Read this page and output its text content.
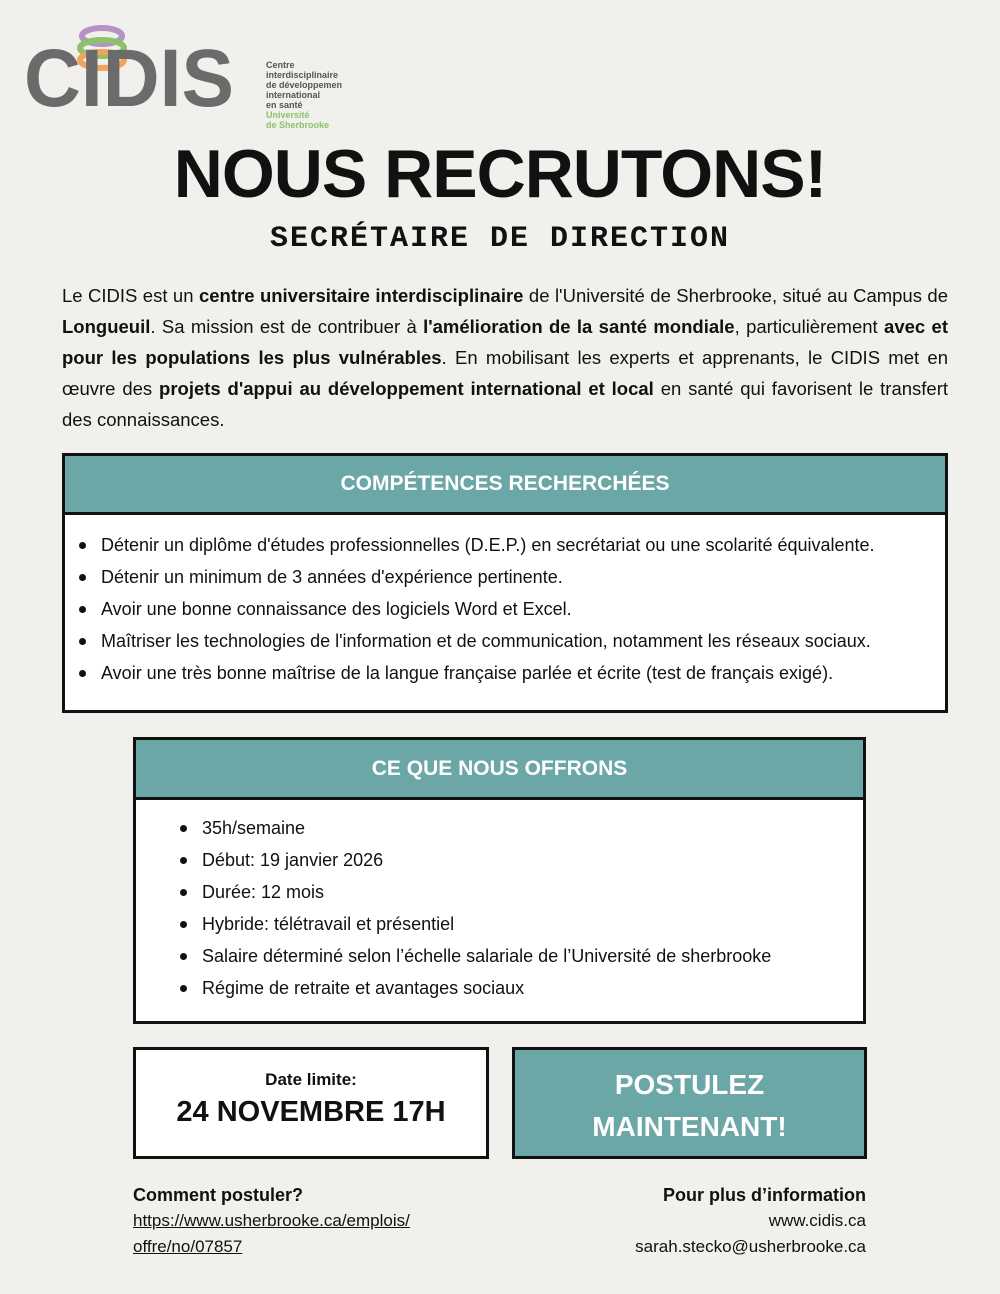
CIDIS	Centre
interdisciplinaire
de développemen
international
en santé
Université
de Sherbrooke
NOUS RECRUTONS!
SECRÉTAIRE DE DIRECTION

Le CIDIS est un centre universitaire interdisciplinaire de l'Université de Sherbrooke, situé au Campus de Longueuil. Sa mission est de contribuer à l'amélioration de la santé mondiale, particulièrement avec et pour les populations les plus vulnérables. En mobilisant les experts et apprenants, le CIDIS met en œuvre des projets d'appui au développement international et local en santé qui favorisent le transfert des connaissances.

COMPÉTENCES RECHERCHÉES
Détenir un diplôme d'études professionnelles (D.E.P.) en secrétariat ou une scolarité équivalente.
Détenir un minimum de 3 années d'expérience pertinente.
Avoir une bonne connaissance des logiciels Word et Excel.
Maîtriser les technologies de l'information et de communication, notamment les réseaux sociaux.
Avoir une très bonne maîtrise de la langue française parlée et écrite (test de français exigé).
CE QUE NOUS OFFRONS
35h/semaine
Début: 19 janvier 2026
Durée: 12 mois
Hybride: télétravail et présentiel
Salaire déterminé selon l’échelle salariale de l’Université de sherbrooke
Régime de retraite et avantages sociaux
Date limite:
24 NOVEMBRE 17H
POSTULEZ
MAINTENANT!
Comment postuler?
https://www.usherbrooke.ca/emplois/
offre/no/07857
Pour plus d’information
www.cidis.ca
sarah.stecko@usherbrooke.ca
